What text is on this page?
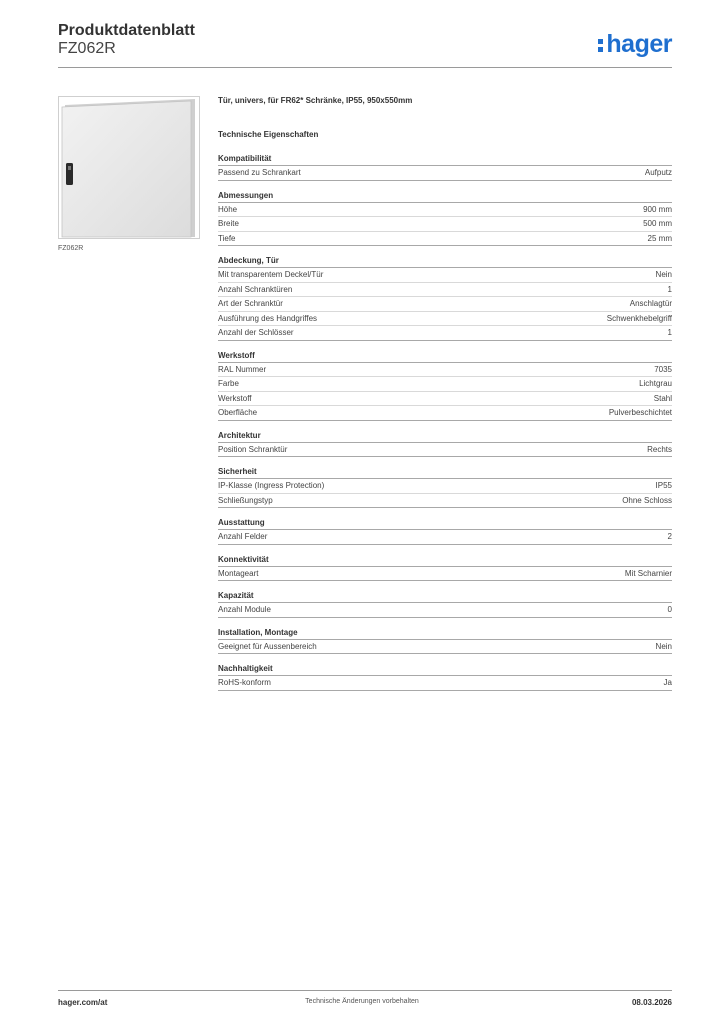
Produktdatenblatt
FZ062R	hager
FZ062R
Tür, univers, für FR62* Schränke, IP55, 950x550mm
Technische Eigenschaften
Kompatibilität
Passend zu Schrankart	Aufputz
Abmessungen
Höhe	900 mm
Breite	500 mm
Tiefe	25 mm
Abdeckung, Tür
Mit transparentem Deckel/Tür	Nein
Anzahl Schranktüren	1
Art der Schranktür	Anschlagtür
Ausführung des Handgriffes	Schwenkhebelgriff
Anzahl der Schlösser	1
Werkstoff
RAL Nummer	7035
Farbe	Lichtgrau
Werkstoff	Stahl
Oberfläche	Pulverbeschichtet
Architektur
Position Schranktür	Rechts
Sicherheit
IP-Klasse (Ingress Protection)	IP55
Schließungstyp	Ohne Schloss
Ausstattung
Anzahl Felder	2
Konnektivität
Montageart	Mit Scharnier
Kapazität
Anzahl Module	0
Installation, Montage
Geeignet für Aussenbereich	Nein
Nachhaltigkeit
RoHS-konform	Ja
hager.com/at	Technische Änderungen vorbehalten	08.03.2026
